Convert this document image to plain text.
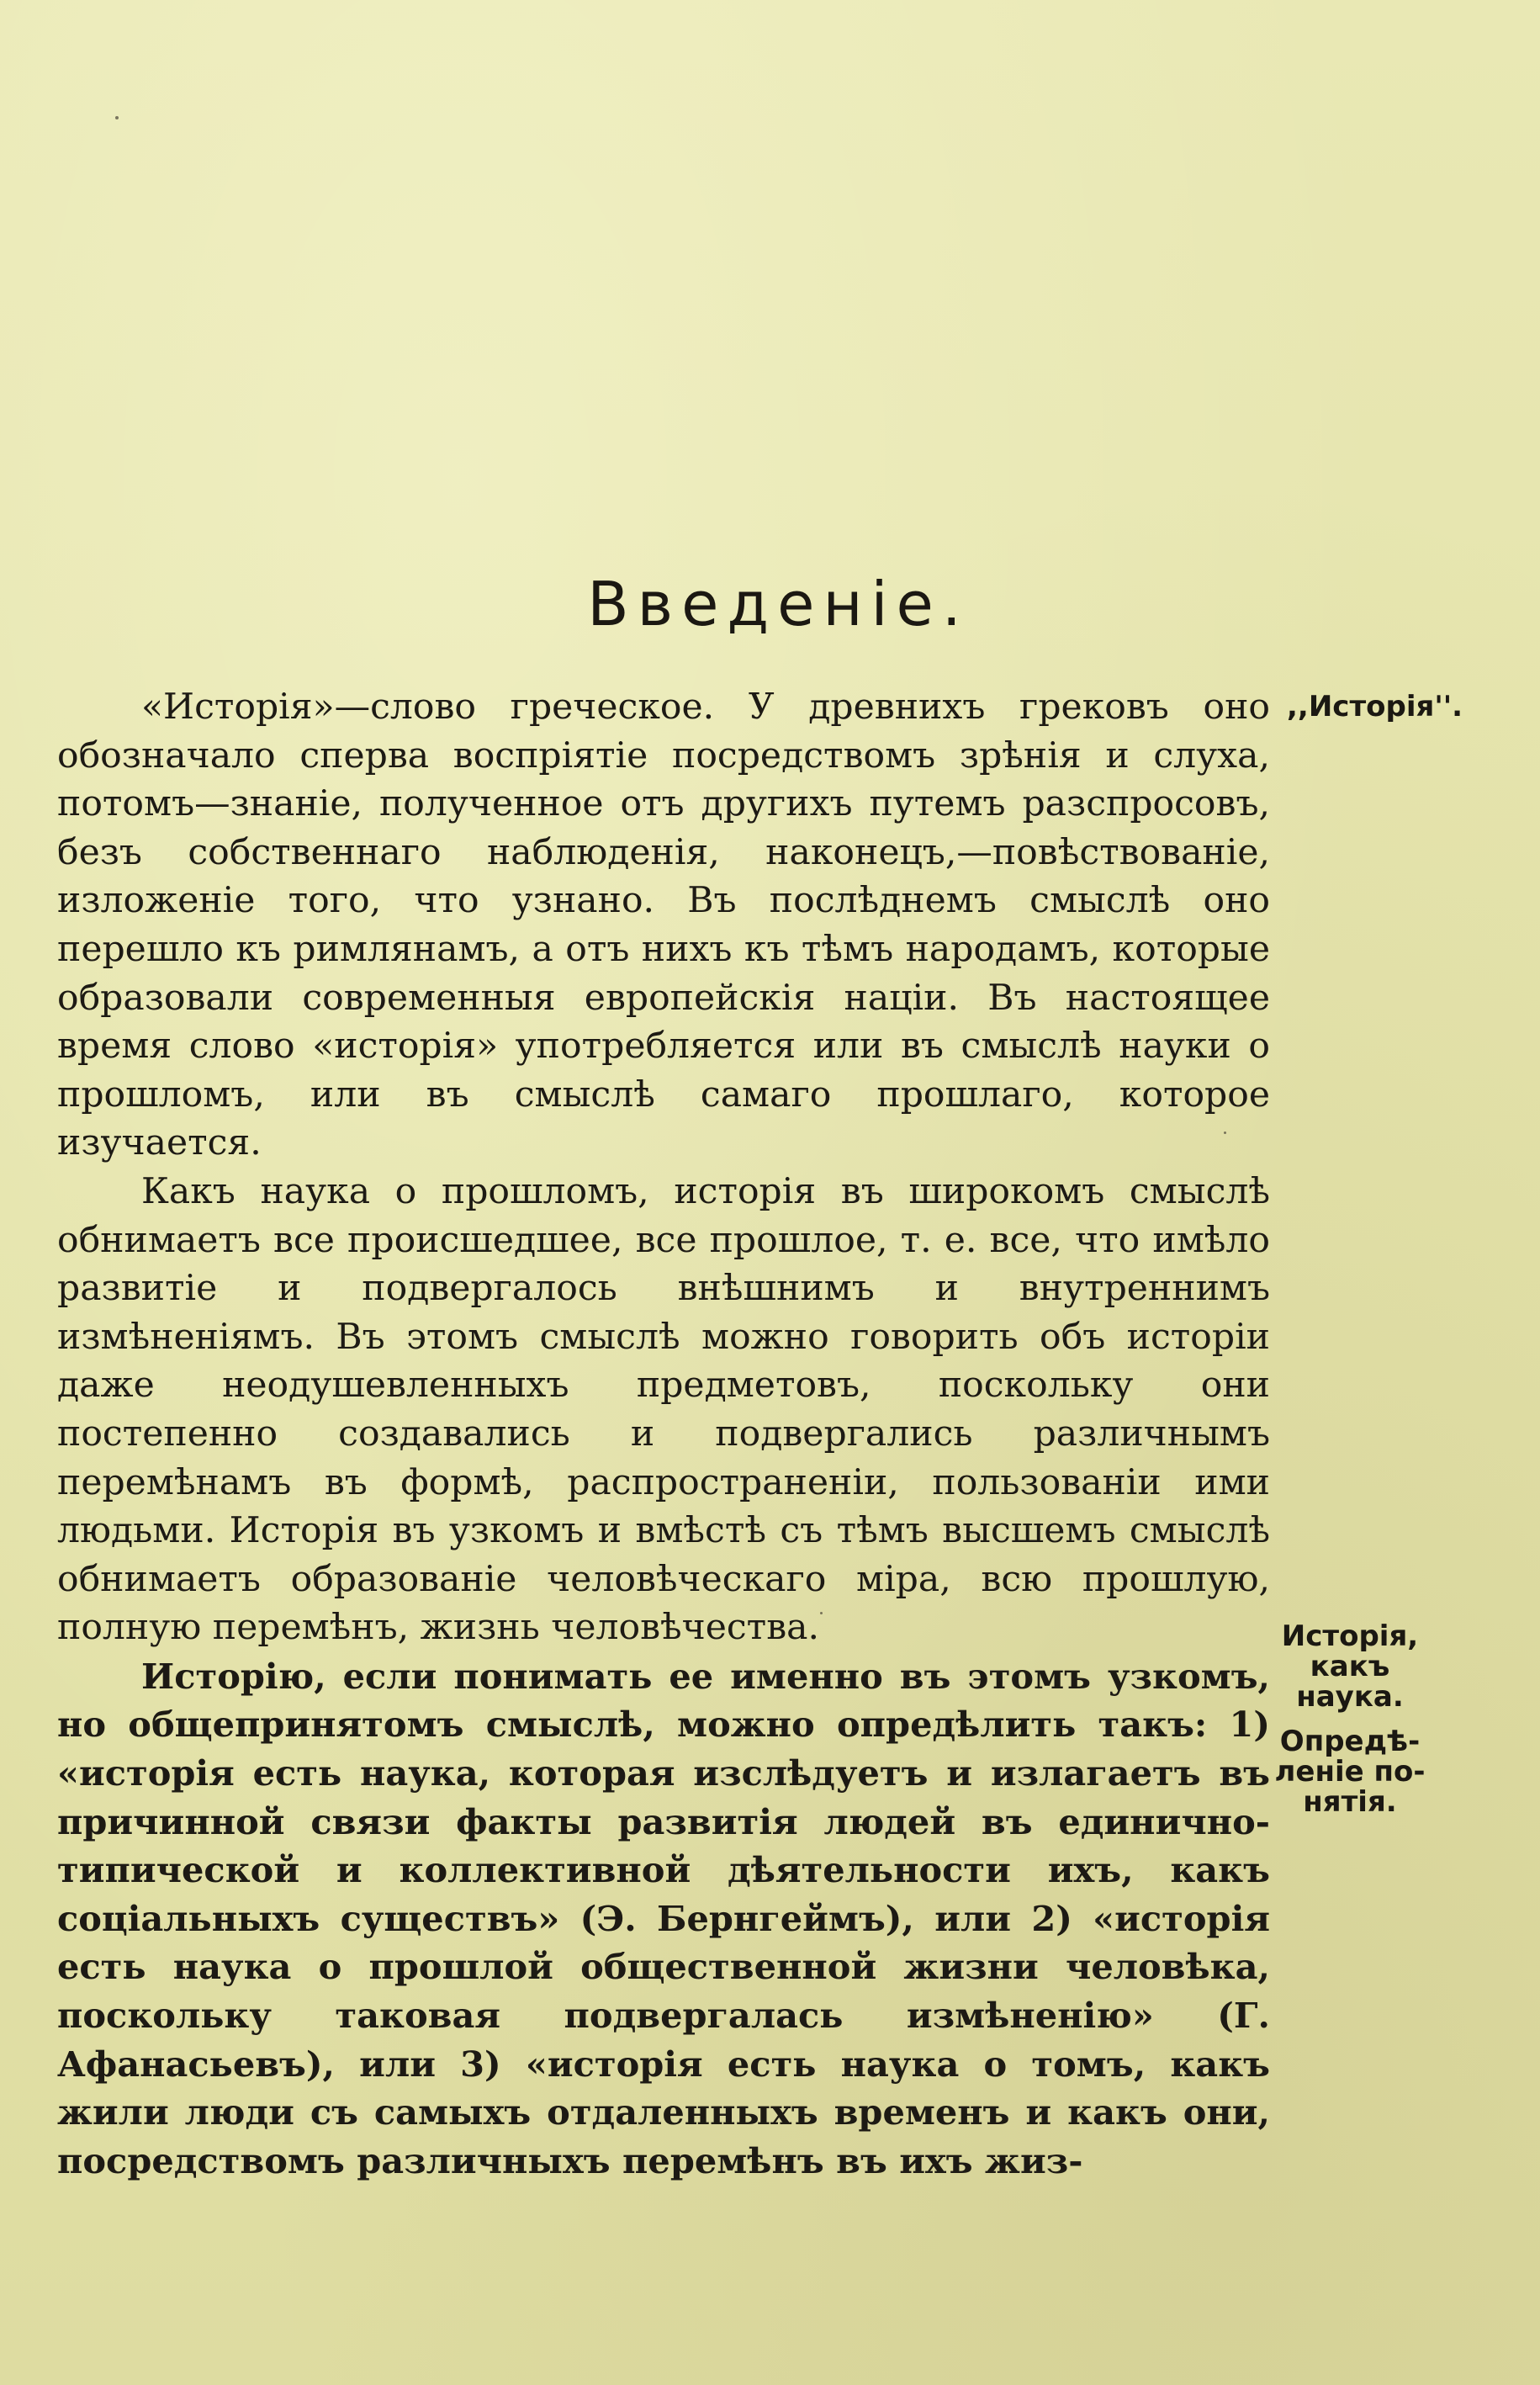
Введеніе.

«Исторія»—слово греческое. У древнихъ грековъ оно обозначало сперва воспріятіе посредствомъ зрѣнія и слуха, потомъ—знаніе, полученное отъ другихъ путемъ разспросовъ, безъ собственнаго наблюденія, наконецъ,—повѣствованіе, изложеніе того, что узнано. Въ послѣднемъ смыслѣ оно перешло къ римлянамъ, а отъ нихъ къ тѣмъ народамъ, которые образовали современныя европейскія націи. Въ настоящее время слово «исторія» употребляется или въ смыслѣ науки о прошломъ, или въ смыслѣ самаго прошлаго, которое изучается.

Какъ наука о прошломъ, исторія въ широкомъ смыслѣ обнимаетъ все происшедшее, все прошлое, т. е. все, что имѣло развитіе и подвергалось внѣшнимъ и внутреннимъ измѣненіямъ. Въ этомъ смыслѣ можно говорить объ исторіи даже неодушевленныхъ предметовъ, поскольку они постепенно создавались и подвергались различнымъ перемѣнамъ въ формѣ, распространеніи, пользованіи ими людьми. Исторія въ узкомъ и вмѣстѣ съ тѣмъ высшемъ смыслѣ обнимаетъ образованіе человѣческаго міра, всю прошлую, полную перемѣнъ, жизнь человѣчества.

Исторію, если понимать ее именно въ этомъ узкомъ, но общепринятомъ смыслѣ, можно опредѣлить такъ: 1) «исторія есть наука, которая изслѣдуетъ и излагаетъ въ причинной связи факты развитія людей въ единично-типической и коллективной дѣятельности ихъ, какъ соціальныхъ существъ» (Э. Бернгеймъ), или 2) «исторія есть наука о прошлой общественной жизни человѣка, поскольку таковая подвергалась измѣненію» (Г. Афанасьевъ), или 3) «исторія есть наука о томъ, какъ жили люди съ самыхъ отдаленныхъ временъ и какъ они, посредствомъ различныхъ перемѣнъ въ ихъ жиз-

,,Исторія''.
Исторія,
какъ
наука.
Опредѣ-
леніе по-
нятія.
